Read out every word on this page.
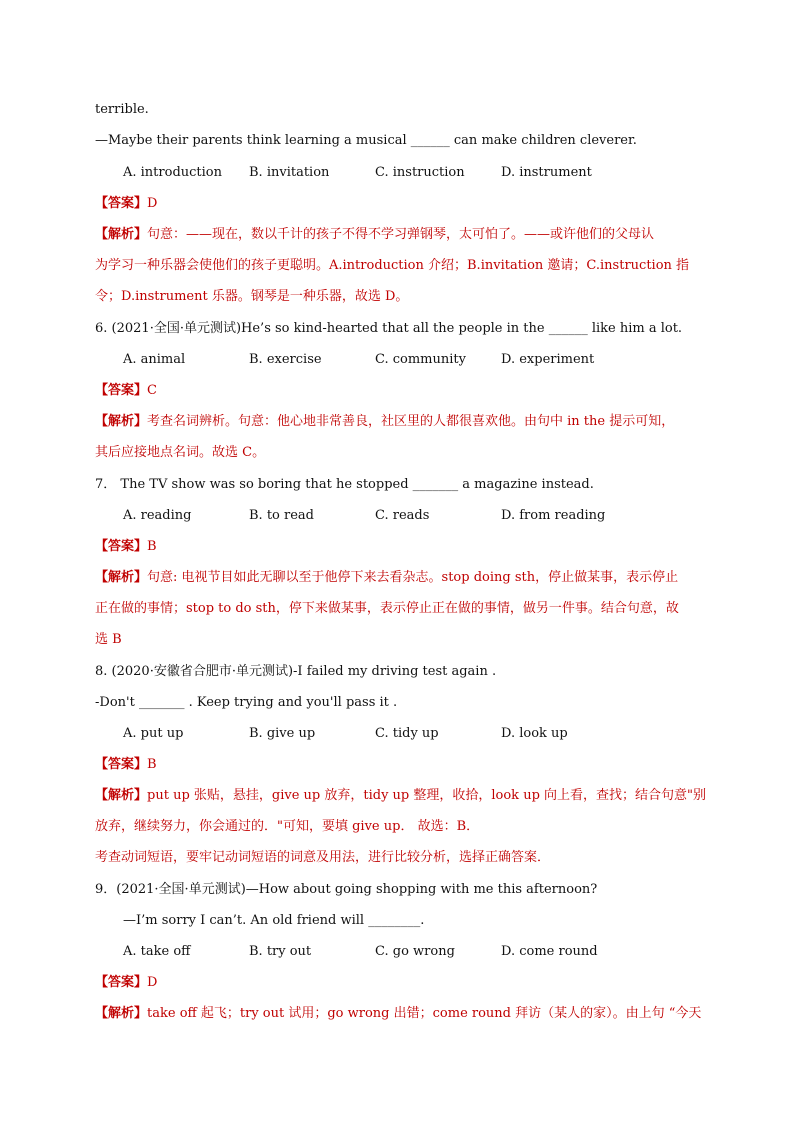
terrible.
—Maybe their parents think learning a musical ______ can make children cleverer.
A. introduction B. invitation	C. instruction	D. instrument
【答案】D
【解析】句意：——现在，数以千计的孩子不得不学习弹钢琴，太可怕了。——或许他们的父母认
为学习一种乐器会使他们的孩子更聪明。A.introduction 介绍；B.invitation 邀请；C.instruction 指
令；D.instrument 乐器。钢琴是一种乐器，故选 D。
6. (2021·全国·单元测试)He’s so kind-hearted that all the people in the ______ like him a lot.
A. animal	B. exercise	C. community	D. experiment
【答案】C
【解析】考查名词辨析。句意：他心地非常善良，社区里的人都很喜欢他。由句中 in the 提示可知，
其后应接地点名词。故选 C。
7． The TV show was so boring that he stopped _______ a magazine instead.
A. reading	B. to read	C. reads	D. from reading
【答案】B
【解析】句意: 电视节目如此无聊以至于他停下来去看杂志。stop doing sth，停止做某事，表示停止
正在做的事情；stop to do sth，停下来做某事，表示停止正在做的事情，做另一件事。结合句意，故
选 B
8. (2020·安徽省合肥市·单元测试)-I failed my driving test again .
-Don't _______ . Keep trying and you'll pass it .
A. put up	B. give up	C. tidy up	D. look up
【答案】B
【解析】put up 张贴，悬挂，give up 放弃，tidy up 整理，收拾，look up 向上看，查找；结合句意"别
放弃，继续努力，你会通过的．"可知，要填 give up． 故选：B．
考查动词短语，要牢记动词短语的词意及用法，进行比较分析，选择正确答案．
9．(2021·全国·单元测试)—How about going shopping with me this afternoon?
—I’m sorry I can’t. An old friend will ________.
A. take off	B. try out	C. go wrong	D. come round
【答案】D
【解析】take off 起飞；try out 试用；go wrong 出错；come round 拜访（某人的家）。由上句 “今天
